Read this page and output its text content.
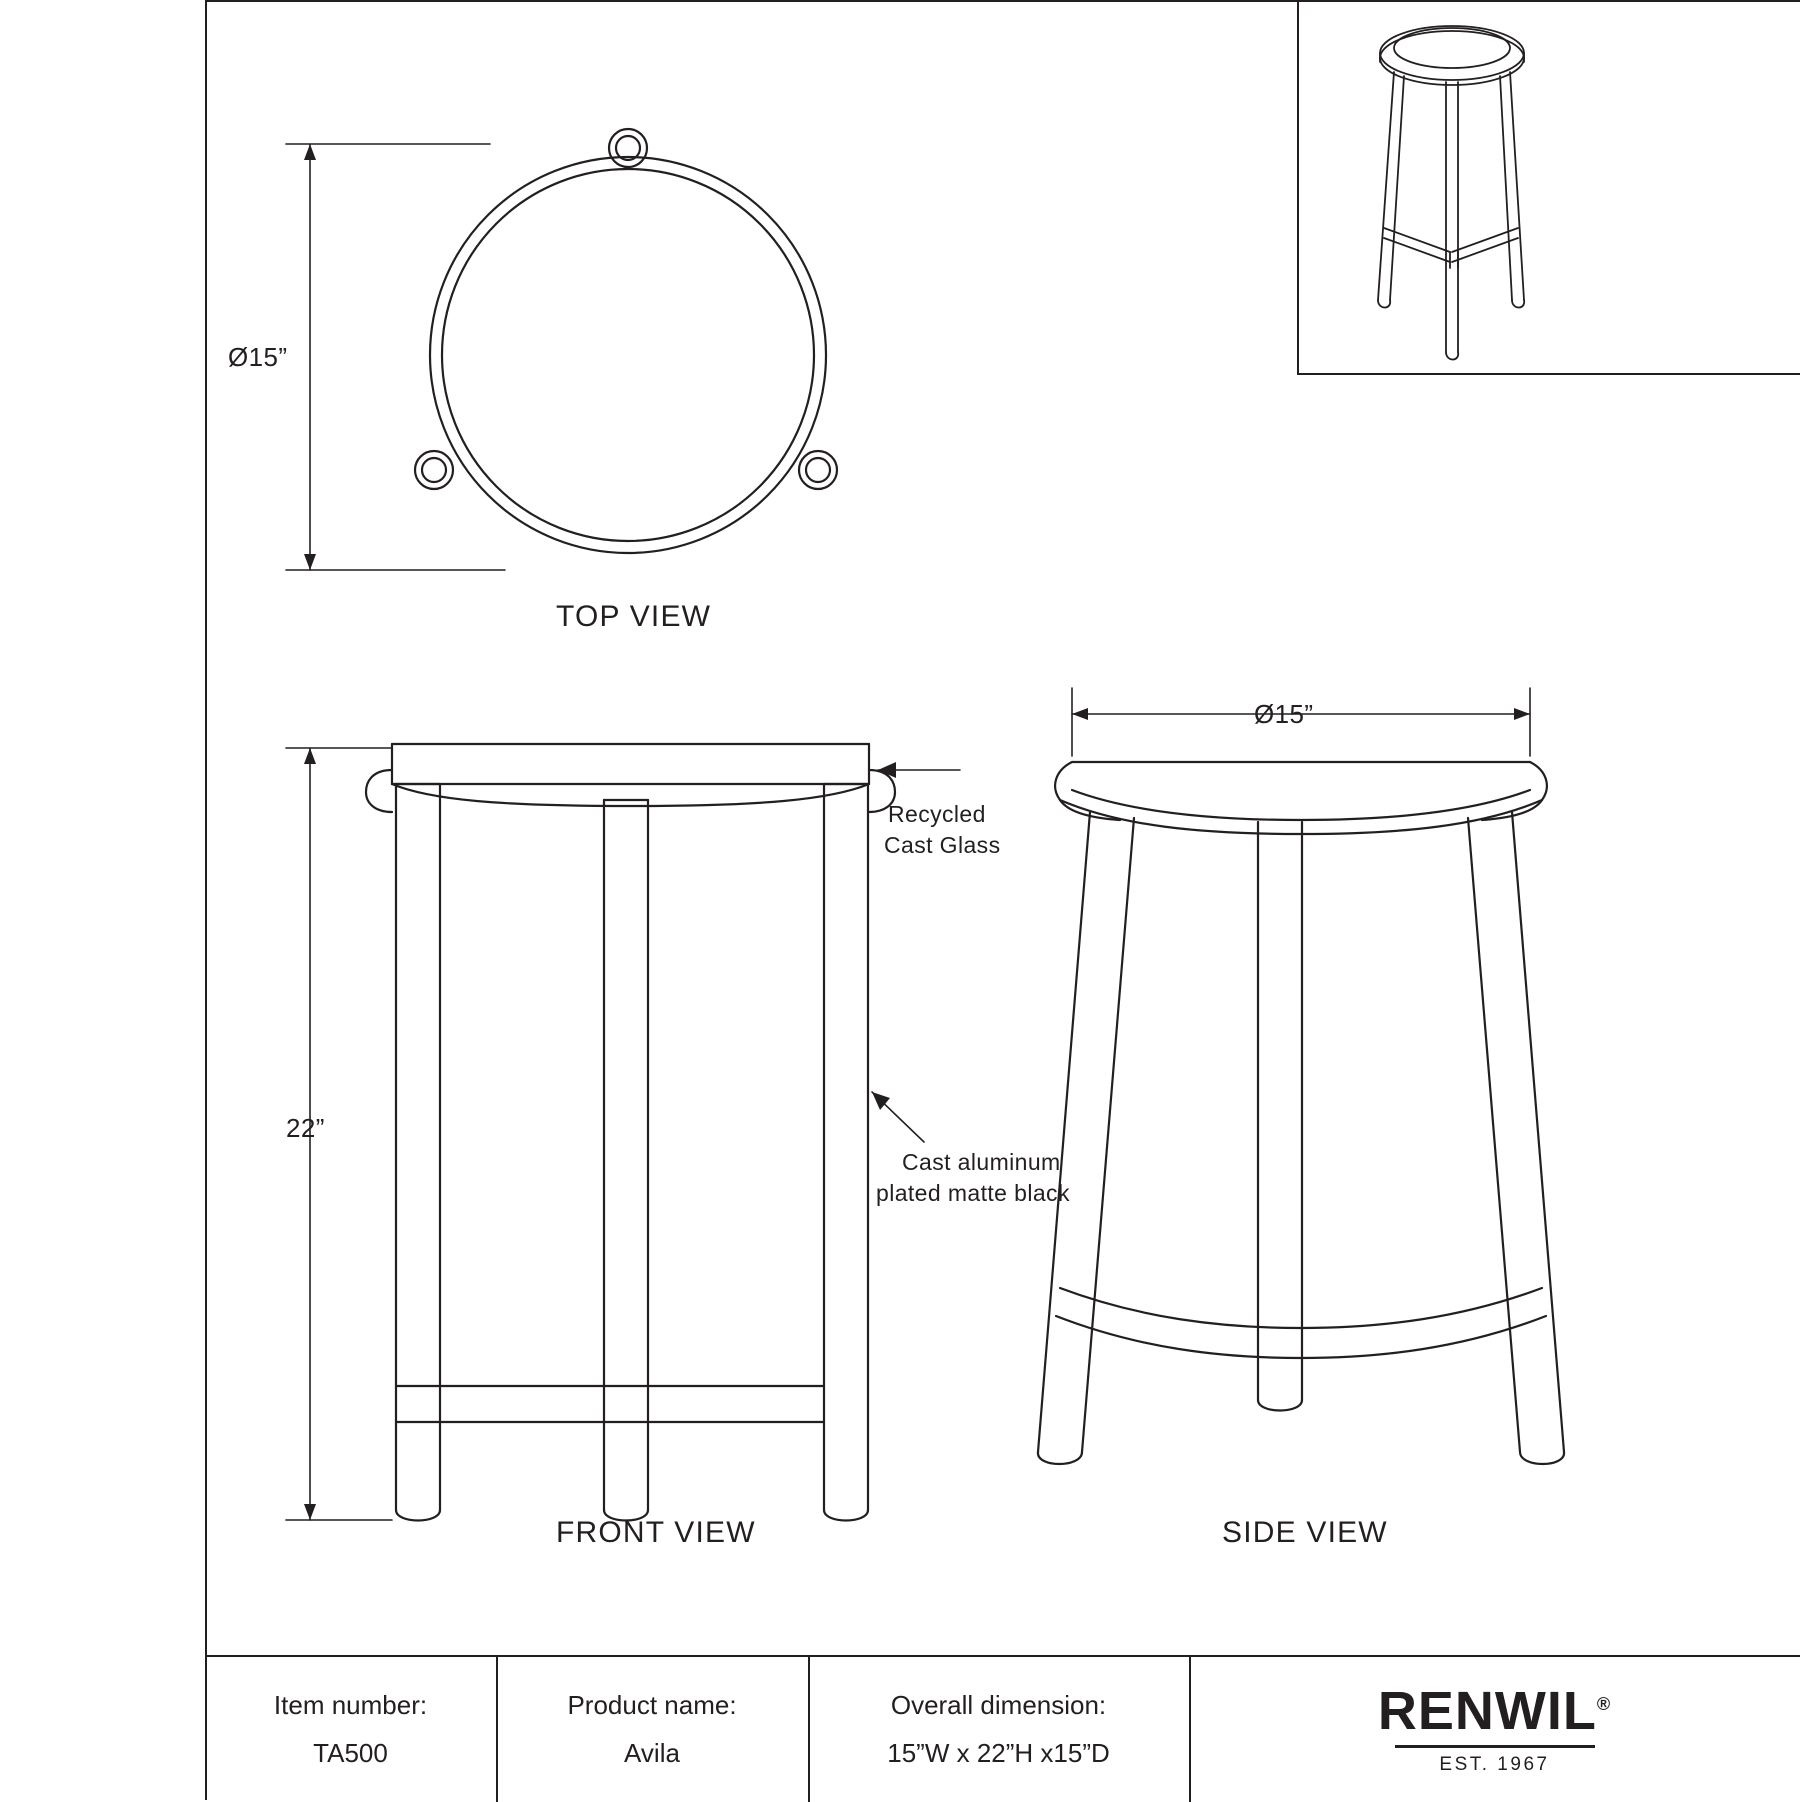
Ø15”
TOP VIEW
22”
FRONT VIEW	SIDE VIEW
Ø15”
Recycled
Cast Glass
Cast aluminum
plated matte black
Item number:
TA500
Product name:
Avila
Overall dimension:
15”W x 22”H x15”D
RENWIL®
EST. 1967
